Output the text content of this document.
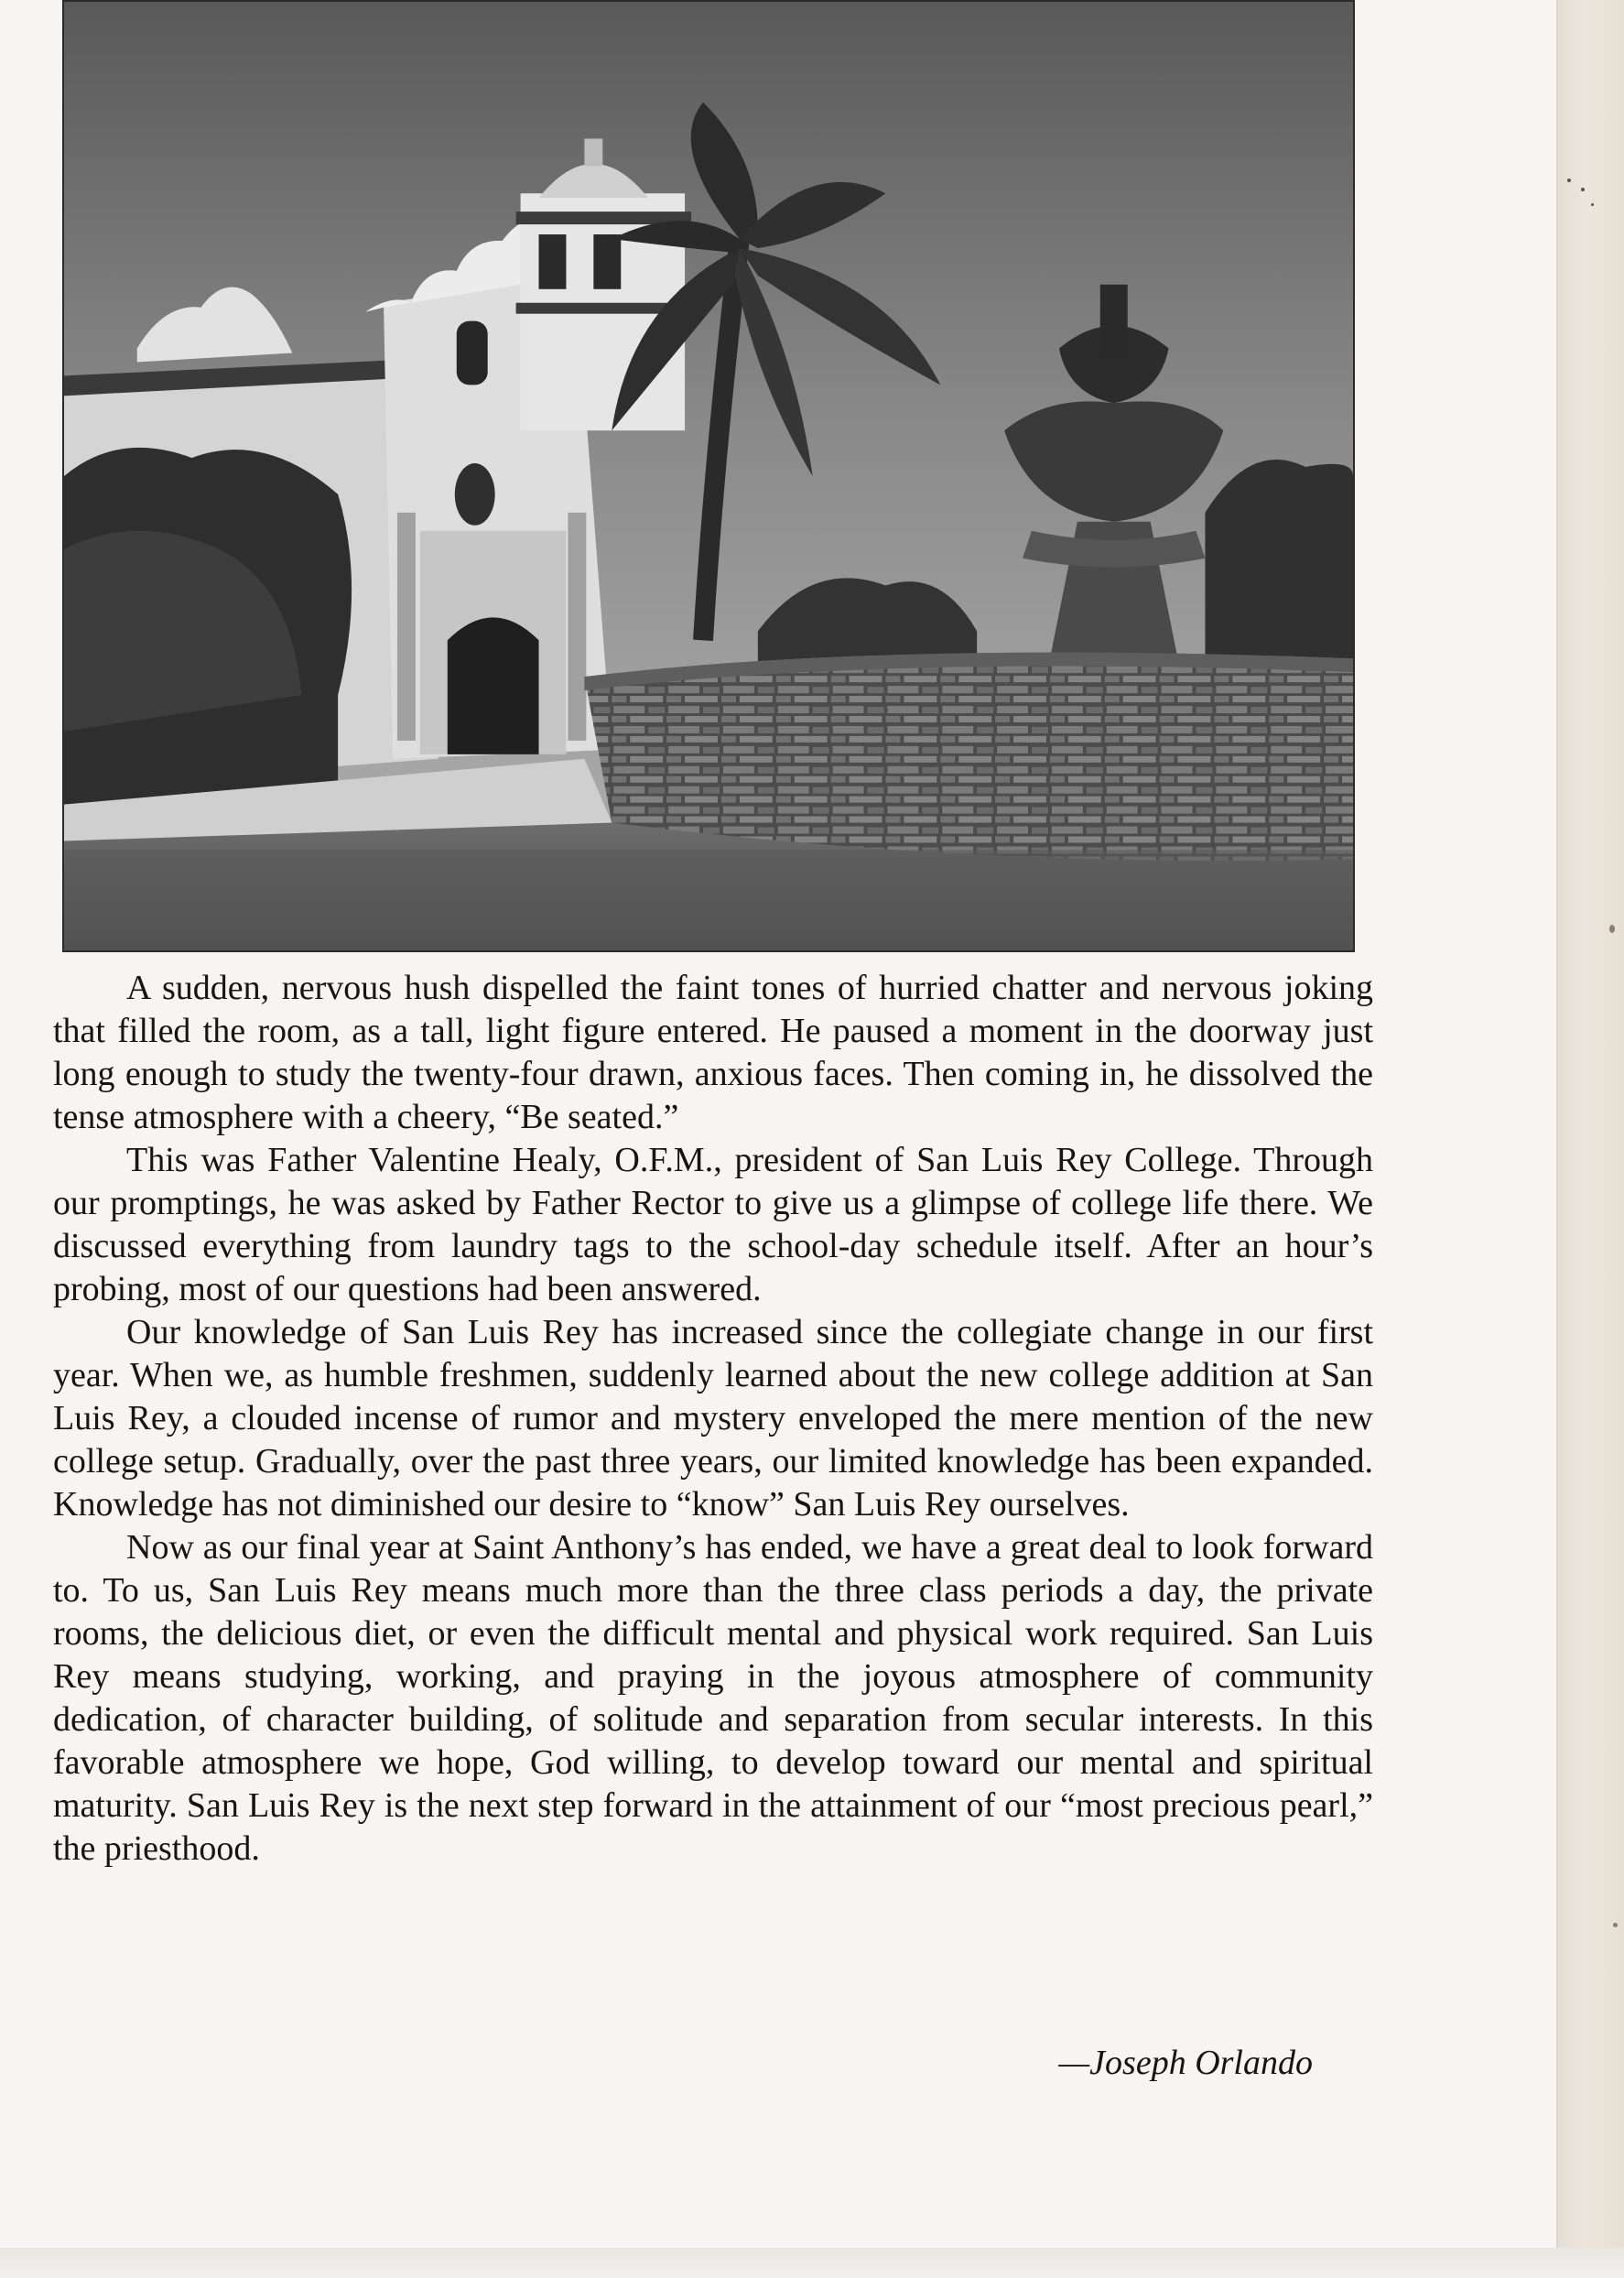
A sudden, nervous hush dispelled the faint tones of hurried chatter and nervous joking that filled the room, as a tall, light figure entered. He paused a moment in the doorway just long enough to study the twenty-four drawn, anxious faces. Then coming in, he dissolved the tense atmosphere with a cheery, “Be seated.”

This was Father Valentine Healy, O.F.M., president of San Luis Rey College. Through our promptings, he was asked by Father Rector to give us a glimpse of college life there. We discussed everything from laundry tags to the school-day schedule itself. After an hour’s probing, most of our questions had been answered.

Our knowledge of San Luis Rey has increased since the collegiate change in our first year. When we, as humble freshmen, suddenly learned about the new college addition at San Luis Rey, a clouded incense of rumor and mystery enveloped the mere mention of the new college setup. Gradually, over the past three years, our limited knowledge has been expanded. Knowledge has not diminished our desire to “know” San Luis Rey ourselves.

Now as our final year at Saint Anthony’s has ended, we have a great deal to look forward to. To us, San Luis Rey means much more than the three class periods a day, the private rooms, the delicious diet, or even the difficult mental and physical work required. San Luis Rey means studying, working, and praying in the joyous atmosphere of community dedication, of character building, of solitude and separation from secular interests. In this favorable atmosphere we hope, God willing, to develop toward our mental and spiritual maturity. San Luis Rey is the next step forward in the attainment of our “most precious pearl,” the priesthood.

—Joseph Orlando
